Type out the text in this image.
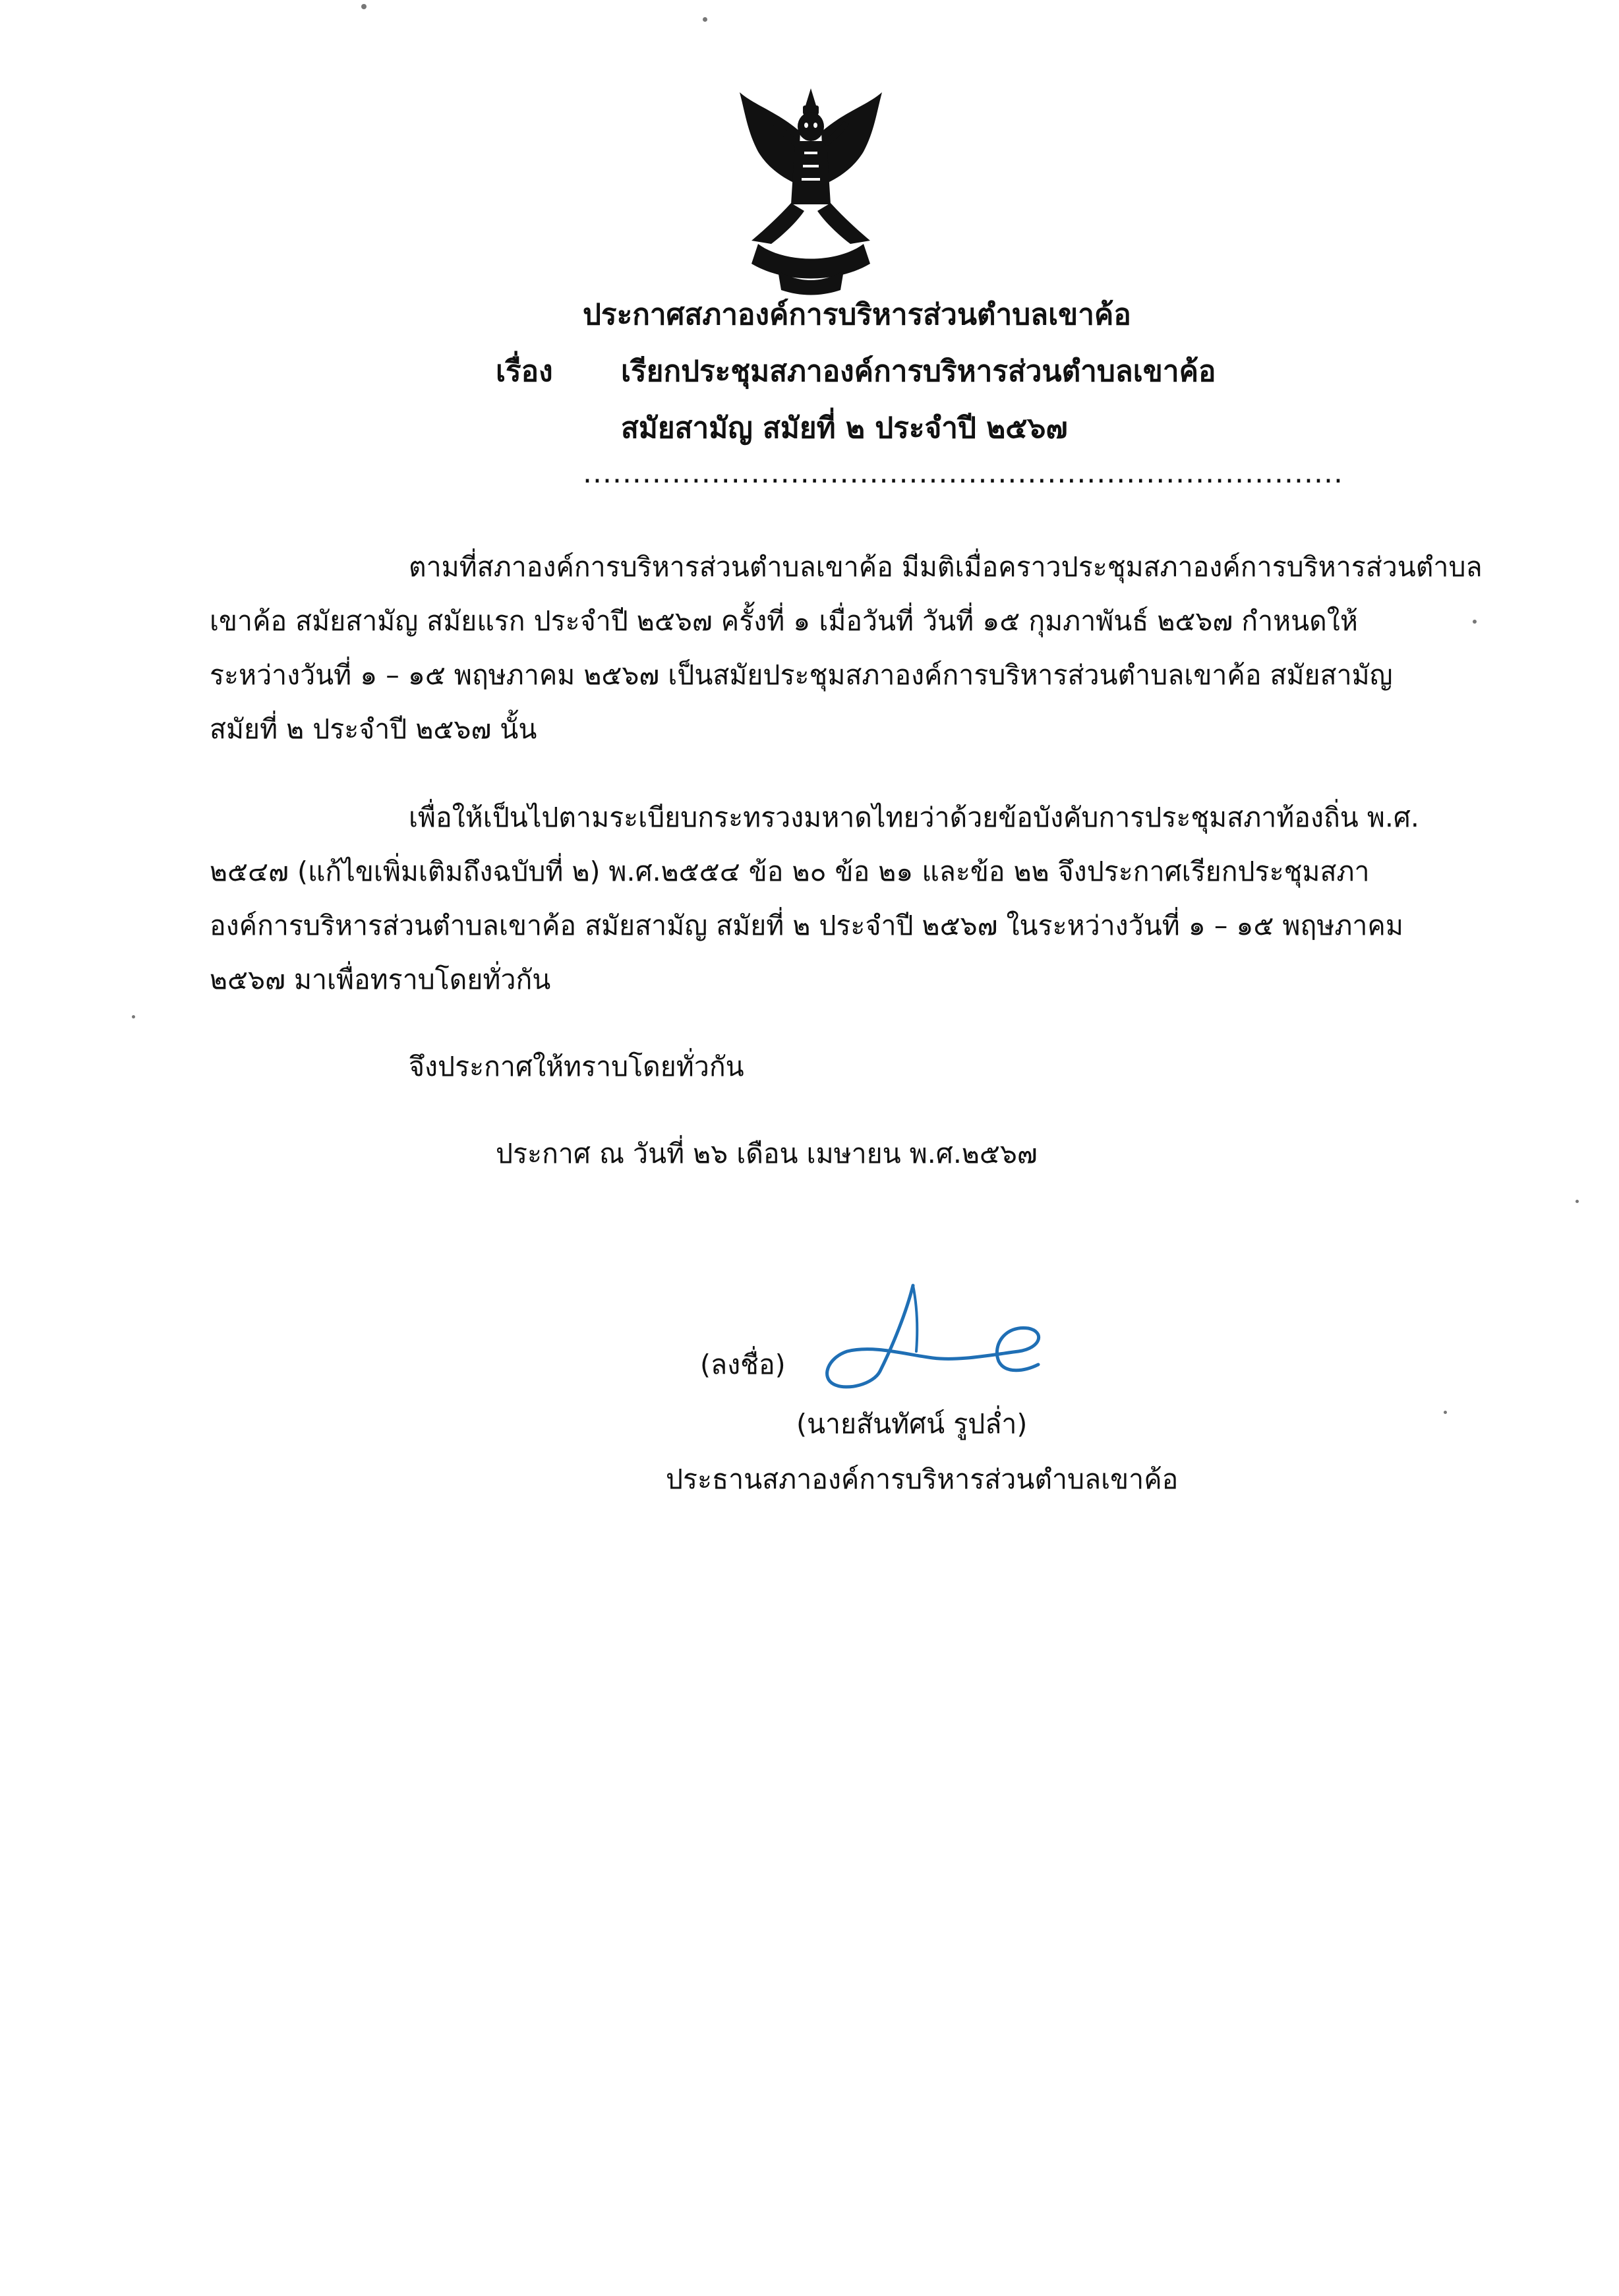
ประกาศสภาองค์การบริหารส่วนตำบลเขาค้อ

เรื่อง เรียกประชุมสภาองค์การบริหารส่วนตำบลเขาค้อ

สมัยสามัญ สมัยที่ ๒ ประจำปี ๒๕๖๗

.............................................................................

ตามที่สภาองค์การบริหารส่วนตำบลเขาค้อ มีมติเมื่อคราวประชุมสภาองค์การบริหารส่วนตำบล

เขาค้อ สมัยสามัญ สมัยแรก ประจำปี ๒๕๖๗ ครั้งที่ ๑ เมื่อวันที่ วันที่ ๑๕ กุมภาพันธ์ ๒๕๖๗ กำหนดให้

ระหว่างวันที่ ๑ – ๑๕ พฤษภาคม ๒๕๖๗ เป็นสมัยประชุมสภาองค์การบริหารส่วนตำบลเขาค้อ สมัยสามัญ

สมัยที่ ๒ ประจำปี ๒๕๖๗ นั้น

เพื่อให้เป็นไปตามระเบียบกระทรวงมหาดไทยว่าด้วยข้อบังคับการประชุมสภาท้องถิ่น พ.ศ.

๒๕๔๗ (แก้ไขเพิ่มเติมถึงฉบับที่ ๒) พ.ศ.๒๕๕๔ ข้อ ๒๐ ข้อ ๒๑ และข้อ ๒๒ จึงประกาศเรียกประชุมสภา

องค์การบริหารส่วนตำบลเขาค้อ สมัยสามัญ สมัยที่ ๒ ประจำปี ๒๕๖๗ ในระหว่างวันที่ ๑ – ๑๕ พฤษภาคม

๒๕๖๗ มาเพื่อทราบโดยทั่วกัน

จึงประกาศให้ทราบโดยทั่วกัน

ประกาศ ณ วันที่ ๒๖ เดือน เมษายน พ.ศ.๒๕๖๗

(ลงชื่อ)

(นายสันทัศน์ รูปล่ำ)

ประธานสภาองค์การบริหารส่วนตำบลเขาค้อ
